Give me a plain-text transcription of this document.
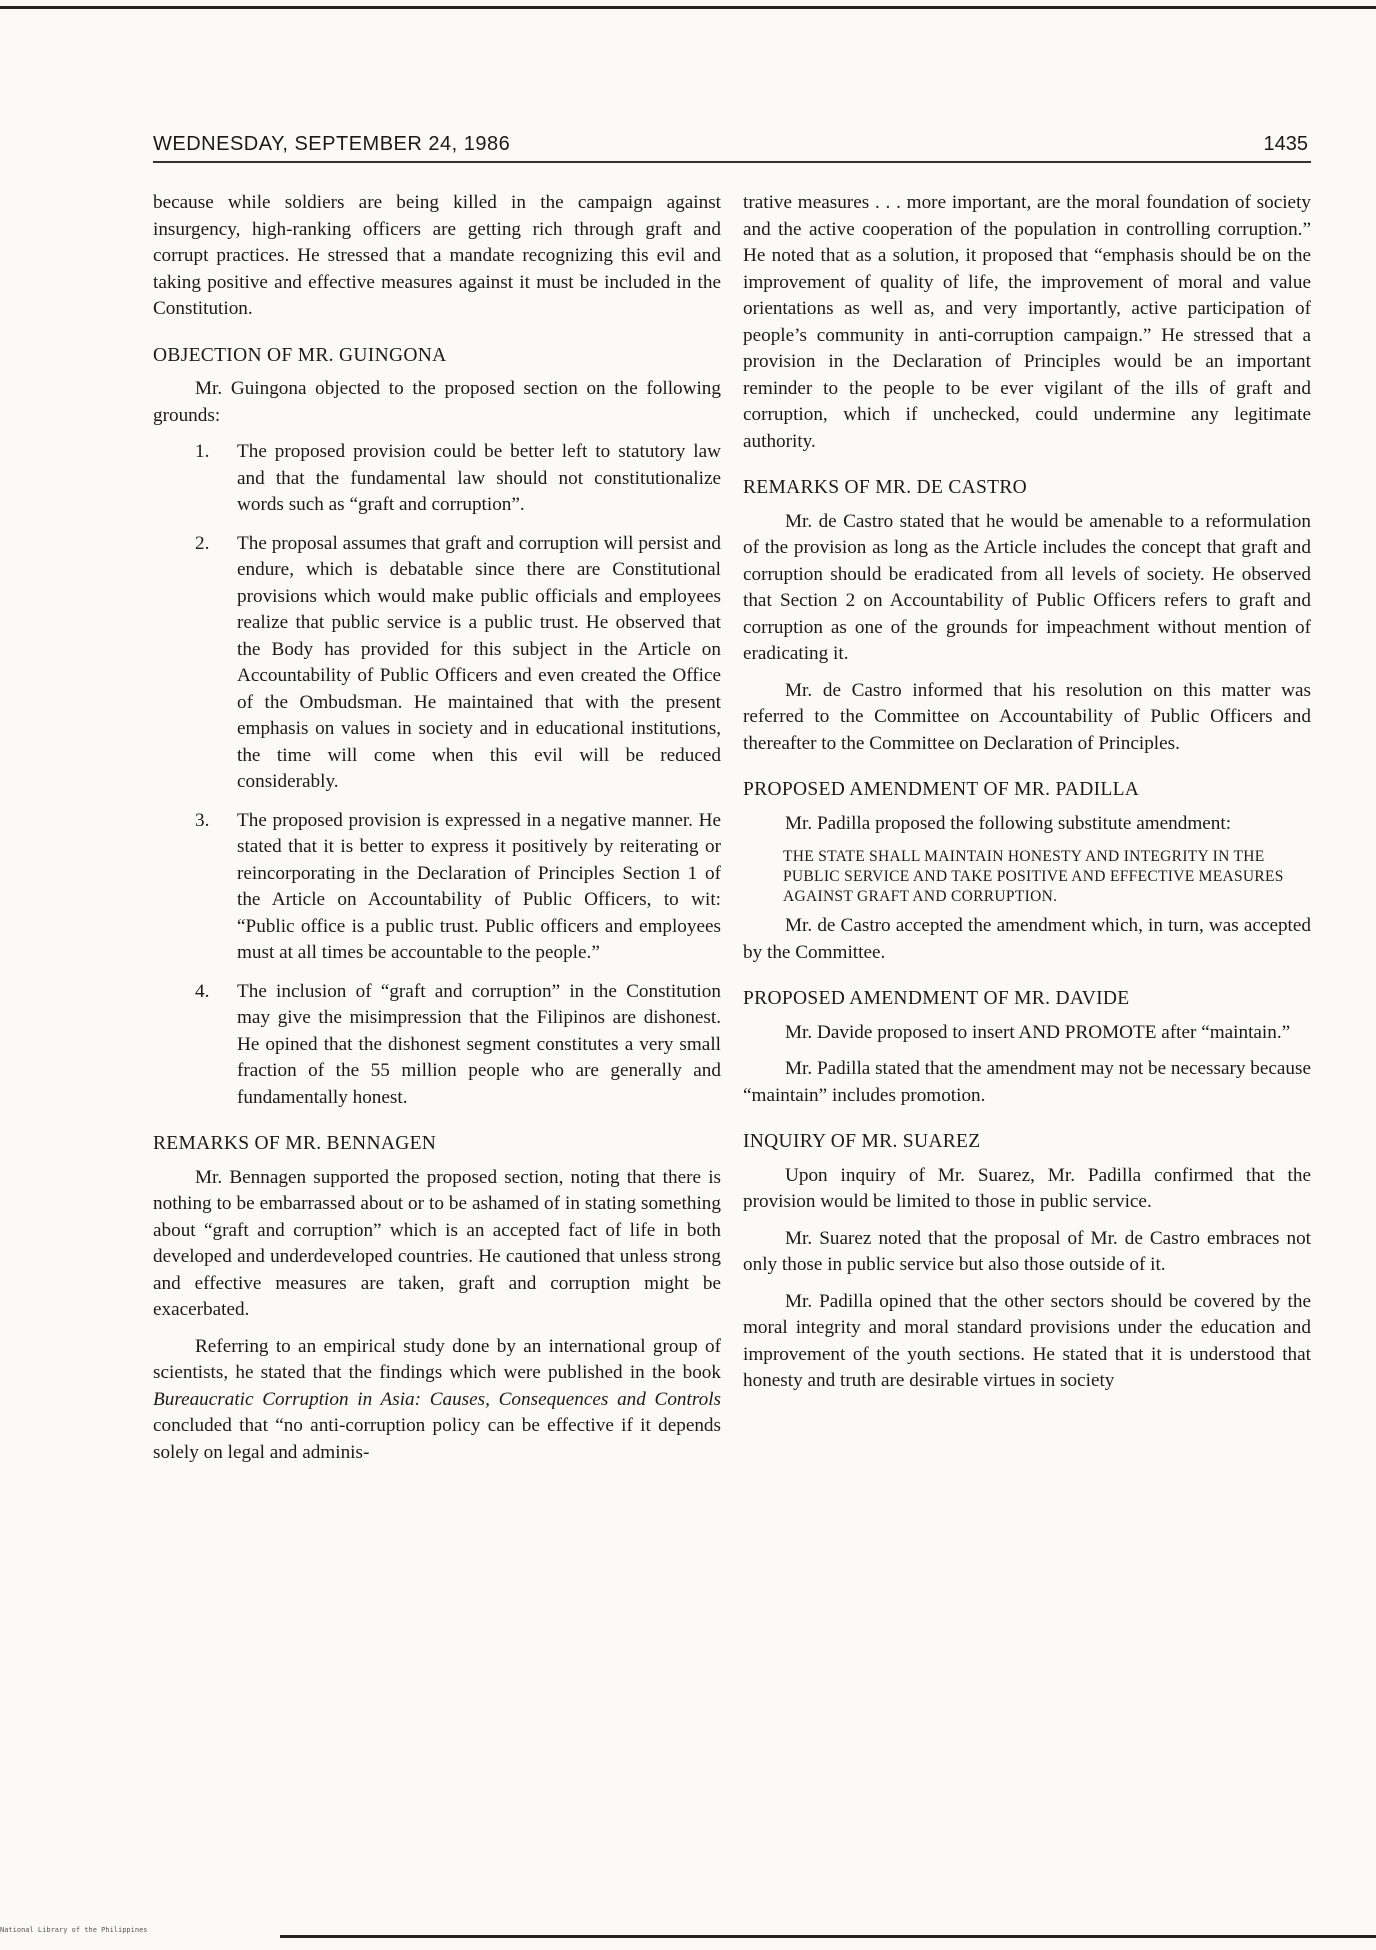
WEDNESDAY, SEPTEMBER 24, 1986	1435

because while soldiers are being killed in the campaign against insurgency, high-ranking officers are getting rich through graft and corrupt practices. He stressed that a mandate recognizing this evil and taking positive and effective measures against it must be included in the Constitution.

OBJECTION OF MR. GUINGONA

Mr. Guingona objected to the proposed section on the following grounds:

1. The proposed provision could be better left to statutory law and that the fundamental law should not constitutionalize words such as “graft and corruption”.
2. The proposal assumes that graft and corruption will persist and endure, which is debatable since there are Constitutional provisions which would make public officials and employees realize that public service is a public trust. He observed that the Body has provided for this subject in the Article on Accountability of Public Officers and even created the Office of the Ombudsman. He maintained that with the present emphasis on values in society and in educational institutions, the time will come when this evil will be reduced considerably.
3. The proposed provision is expressed in a negative manner. He stated that it is better to express it positively by reiterating or reincorporating in the Declaration of Principles Section 1 of the Article on Accountability of Public Officers, to wit: “Public office is a public trust. Public officers and employees must at all times be accountable to the people.”
4. The inclusion of “graft and corruption” in the Constitution may give the misimpression that the Filipinos are dishonest. He opined that the dishonest segment constitutes a very small fraction of the 55 million people who are generally and fundamentally honest.
REMARKS OF MR. BENNAGEN

Mr. Bennagen supported the proposed section, noting that there is nothing to be embarrassed about or to be ashamed of in stating something about “graft and corruption” which is an accepted fact of life in both developed and underdeveloped countries. He cautioned that unless strong and effective measures are taken, graft and corruption might be exacerbated.

Referring to an empirical study done by an international group of scientists, he stated that the findings which were published in the book Bureaucratic Corruption in Asia: Causes, Consequences and Controls concluded that “no anti-corruption policy can be effective if it depends solely on legal and adminis-

trative measures . . . more important, are the moral foundation of society and the active cooperation of the population in controlling corruption.” He noted that as a solution, it proposed that “emphasis should be on the improvement of quality of life, the improvement of moral and value orientations as well as, and very importantly, active participation of people’s community in anti-corruption campaign.” He stressed that a provision in the Declaration of Principles would be an important reminder to the people to be ever vigilant of the ills of graft and corruption, which if unchecked, could undermine any legitimate authority.

REMARKS OF MR. DE CASTRO

Mr. de Castro stated that he would be amenable to a reformulation of the provision as long as the Article includes the concept that graft and corruption should be eradicated from all levels of society. He observed that Section 2 on Accountability of Public Officers refers to graft and corruption as one of the grounds for impeachment without mention of eradicating it.

Mr. de Castro informed that his resolution on this matter was referred to the Committee on Accountability of Public Officers and thereafter to the Committee on Declaration of Principles.

PROPOSED AMENDMENT OF MR. PADILLA

Mr. Padilla proposed the following substitute amendment:

THE STATE SHALL MAINTAIN HONESTY AND INTEGRITY IN THE PUBLIC SERVICE AND TAKE POSITIVE AND EFFECTIVE MEASURES AGAINST GRAFT AND CORRUPTION.

Mr. de Castro accepted the amendment which, in turn, was accepted by the Committee.

PROPOSED AMENDMENT OF MR. DAVIDE

Mr. Davide proposed to insert AND PROMOTE after “maintain.”

Mr. Padilla stated that the amendment may not be necessary because “maintain” includes promotion.

INQUIRY OF MR. SUAREZ

Upon inquiry of Mr. Suarez, Mr. Padilla confirmed that the provision would be limited to those in public service.

Mr. Suarez noted that the proposal of Mr. de Castro embraces not only those in public service but also those outside of it.

Mr. Padilla opined that the other sectors should be covered by the moral integrity and moral standard provisions under the education and improvement of the youth sections. He stated that it is understood that honesty and truth are desirable virtues in society

National Library of the Philippines
